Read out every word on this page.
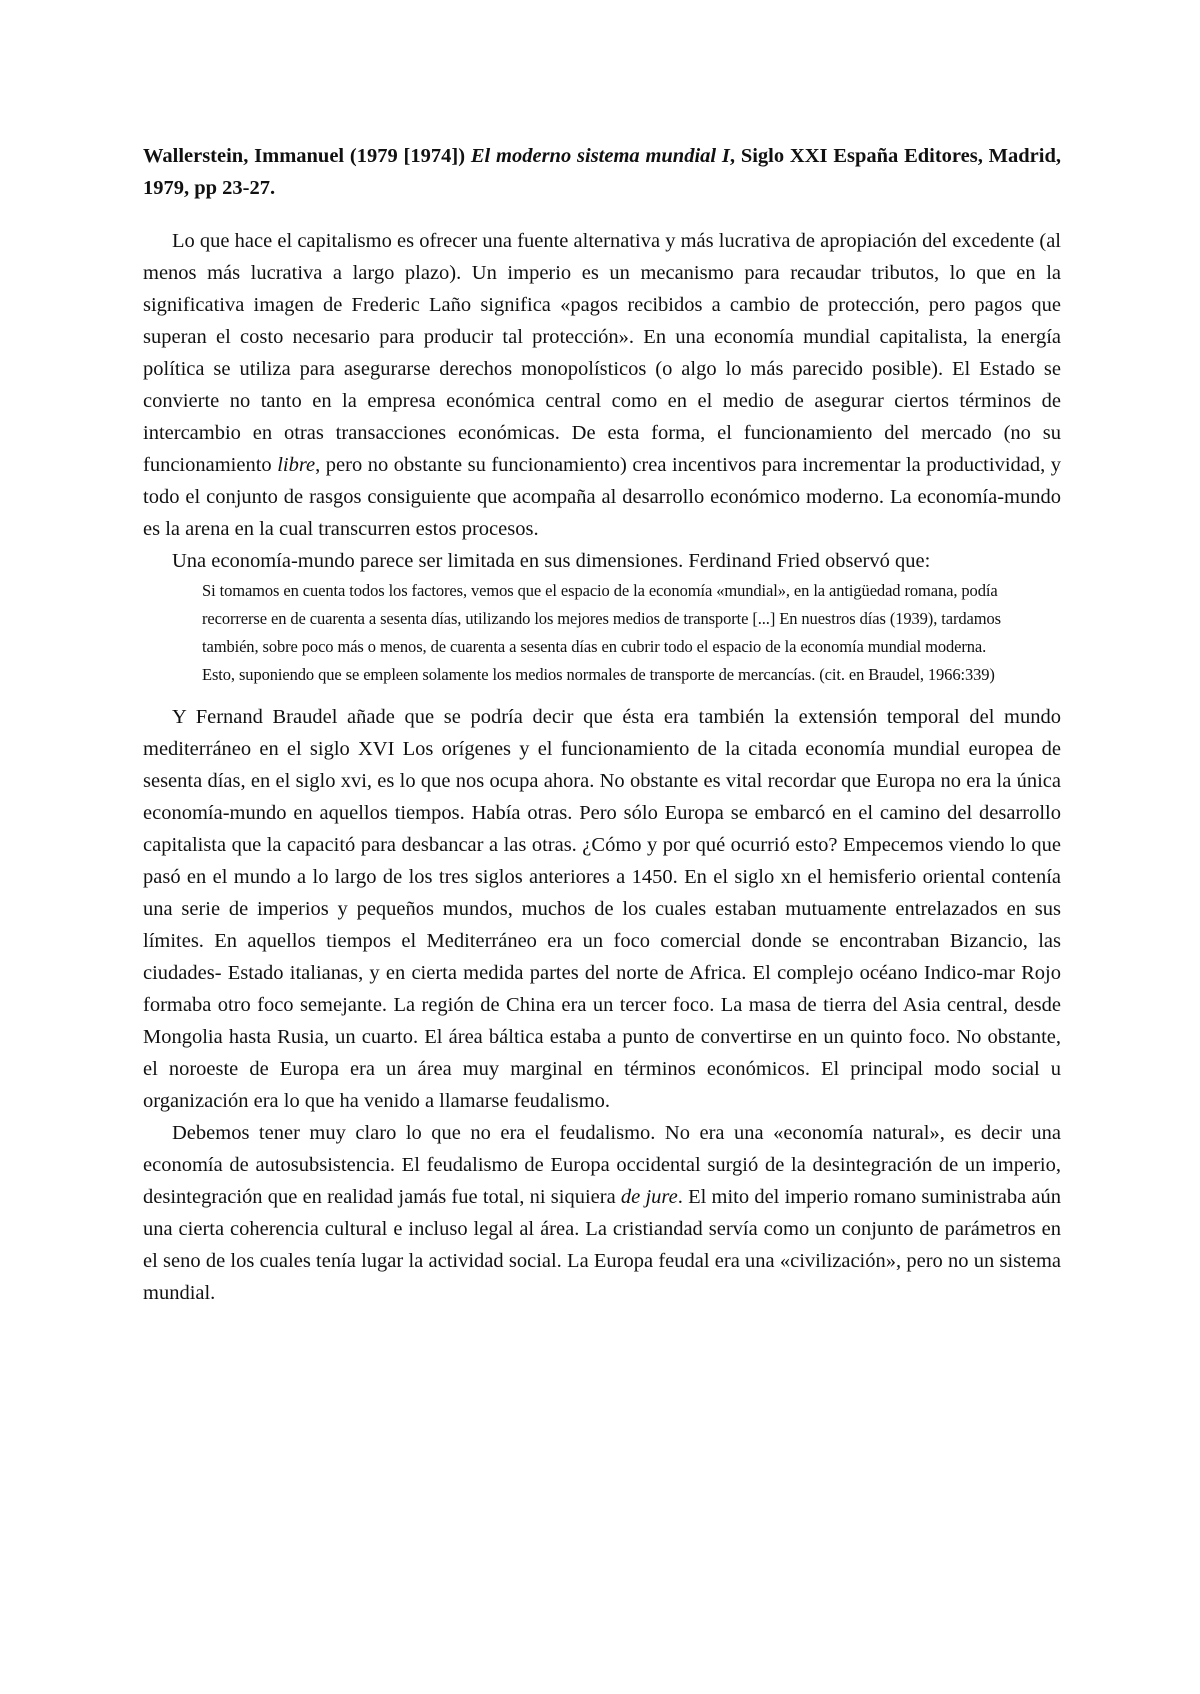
Wallerstein, Immanuel (1979 [1974]) El moderno sistema mundial I, Siglo XXI España Editores, Madrid, 1979, pp 23-27.

Lo que hace el capitalismo es ofrecer una fuente alternativa y más lucrativa de apropiación del excedente (al menos más lucrativa a largo plazo). Un imperio es un mecanismo para recaudar tributos, lo que en la significativa imagen de Frederic Laño significa «pagos recibidos a cambio de protección, pero pagos que superan el costo necesario para producir tal protección». En una economía mundial capitalista, la energía política se utiliza para asegurarse derechos monopolísticos (o algo lo más parecido posible). El Estado se convierte no tanto en la empresa económica central como en el medio de asegurar ciertos términos de intercambio en otras transacciones económicas. De esta forma, el funcionamiento del mercado (no su funcionamiento libre, pero no obstante su funcionamiento) crea incentivos para incrementar la productividad, y todo el conjunto de rasgos consiguiente que acompaña al desarrollo económico moderno. La economía-mundo es la arena en la cual transcurren estos procesos.

Una economía-mundo parece ser limitada en sus dimensiones. Ferdinand Fried observó que:

Si tomamos en cuenta todos los factores, vemos que el espacio de la economía «mundial», en la antigüedad romana, podía recorrerse en de cuarenta a sesenta días, utilizando los mejores medios de transporte [...] En nuestros días (1939), tardamos también, sobre poco más o menos, de cuarenta a sesenta días en cubrir todo el espacio de la economía mundial moderna. Esto, suponiendo que se empleen solamente los medios normales de transporte de mercancías. (cit. en Braudel, 1966:339)

Y Fernand Braudel añade que se podría decir que ésta era también la extensión temporal del mundo mediterráneo en el siglo XVI Los orígenes y el funcionamiento de la citada economía mundial europea de sesenta días, en el siglo xvi, es lo que nos ocupa ahora. No obstante es vital recordar que Europa no era la única economía-mundo en aquellos tiempos. Había otras. Pero sólo Europa se embarcó en el camino del desarrollo capitalista que la capacitó para desbancar a las otras. ¿Cómo y por qué ocurrió esto? Empecemos viendo lo que pasó en el mundo a lo largo de los tres siglos anteriores a 1450. En el siglo xn el hemisferio oriental contenía una serie de imperios y pequeños mundos, muchos de los cuales estaban mutuamente entrelazados en sus límites. En aquellos tiempos el Mediterráneo era un foco comercial donde se encontraban Bizancio, las ciudades- Estado italianas, y en cierta medida partes del norte de Africa. El complejo océano Indico-mar Rojo formaba otro foco semejante. La región de China era un tercer foco. La masa de tierra del Asia central, desde Mongolia hasta Rusia, un cuarto. El área báltica estaba a punto de convertirse en un quinto foco. No obstante, el noroeste de Europa era un área muy marginal en términos económicos. El principal modo social u organización era lo que ha venido a llamarse feudalismo.

Debemos tener muy claro lo que no era el feudalismo. No era una «economía natural», es decir una economía de autosubsistencia. El feudalismo de Europa occidental surgió de la desintegración de un imperio, desintegración que en realidad jamás fue total, ni siquiera de jure. El mito del imperio romano suministraba aún una cierta coherencia cultural e incluso legal al área. La cristiandad servía como un conjunto de parámetros en el seno de los cuales tenía lugar la actividad social. La Europa feudal era una «civilización», pero no un sistema mundial.
